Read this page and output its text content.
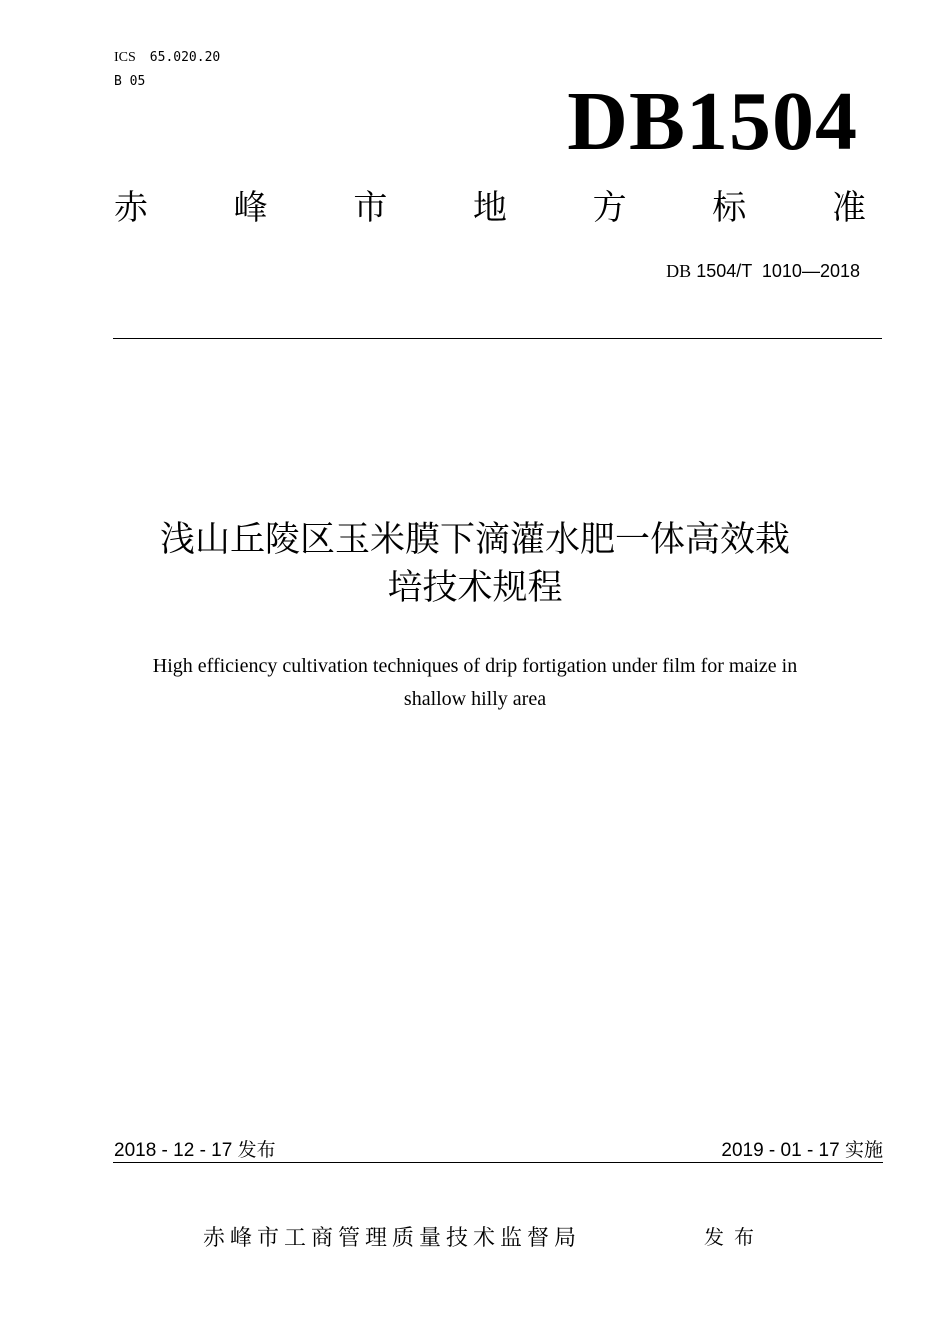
ICS 65.020.20
B 05	DB1504
赤	峰	市	地	方	标	准
DB 1504/T  1010—2018
浅山丘陵区玉米膜下滴灌水肥一体高效栽
培技术规程
High efficiency cultivation techniques of drip fortigation under film for maize in
shallow hilly area
2018 - 12 - 17 发布	2019 - 01 - 17 实施
赤峰市工商管理质量技术监督局	发布
